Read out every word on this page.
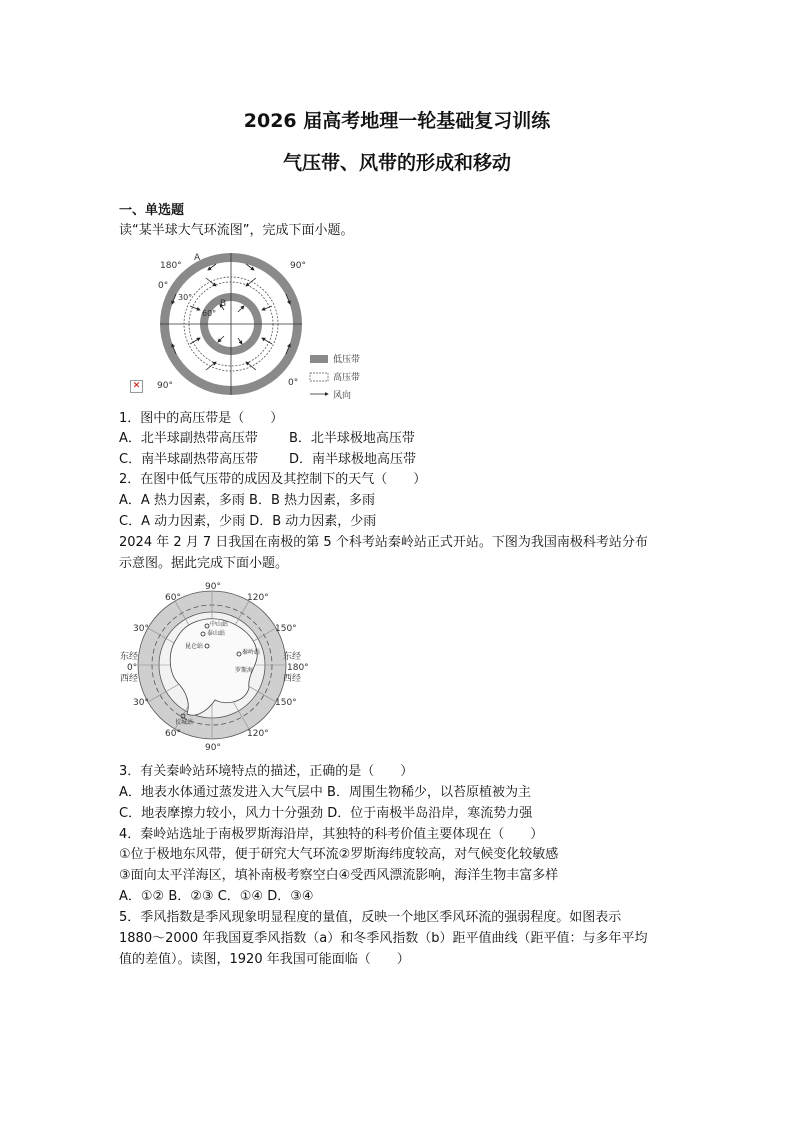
2026 届高考地理一轮基础复习训练
气压带、风带的形成和移动
一、单选题
读“某半球大气环流图”，完成下面小题。
180°	90°
90°	0°
0°
30°
60°
A
B
低压带
高压带
风向
✕
1．图中的高压带是（　　）
A．北半球副热带高压带 B．北半球极地高压带
C．南半球副热带高压带 D．南半球极地高压带
2．在图中低气压带的成因及其控制下的天气（　　）
A．A 热力因素，多雨 B．B 热力因素，多雨
C．A 动力因素，少雨 D．B 动力因素，少雨
2024 年 2 月 7 日我国在南极的第 5 个科考站秦岭站正式开站。下图为我国南极科考站分布
示意图。据此完成下面小题。
中山站
泰山站
昆仑站
秦岭站
罗斯海
长城站
90°
60°	120°
30°	150°
东经
0°
西经
180°
东经
西经
30°	150°
60°	120°
90°
3．有关秦岭站环境特点的描述，正确的是（　　）
A．地表水体通过蒸发进入大气层中 B．周围生物稀少，以苔原植被为主
C．地表摩擦力较小，风力十分强劲 D．位于南极半岛沿岸，寒流势力强
4．秦岭站选址于南极罗斯海沿岸，其独特的科考价值主要体现在（　　）
①位于极地东风带，便于研究大气环流②罗斯海纬度较高，对气候变化较敏感
③面向太平洋海区，填补南极考察空白④受西风漂流影响，海洋生物丰富多样
A．①② B．②③ C．①④ D．③④
5．季风指数是季风现象明显程度的量值，反映一个地区季风环流的强弱程度。如图表示
1880～2000 年我国夏季风指数（a）和冬季风指数（b）距平值曲线（距平值：与多年平均
值的差值）。读图，1920 年我国可能面临（　　）
